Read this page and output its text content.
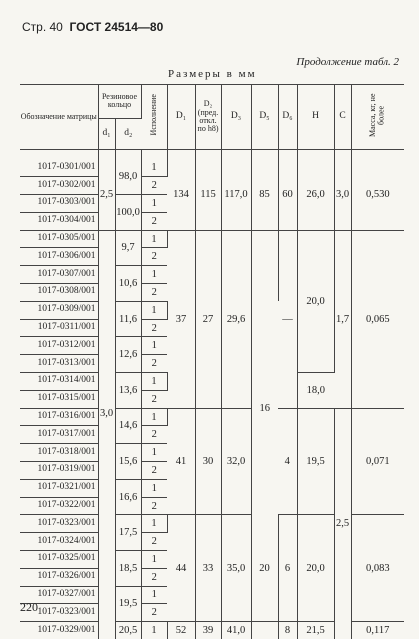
Стр. 40 ГОСТ 24514—80
Продолжение табл. 2
Размеры в мм
Обозначение матрицы	Резиновое кольцо		Исполнение	D₁	D₂ (пред. откл. по h8)	D₃	D₅	D₆	H	C	Масса, кг, не более
	d₁	d₂									

1017-0301/001	2,5	98,0	1	134	115	117,0	85	60	26,0	3,0	0,530
1017-0302/001			2								
1017-0303/001		100,0	1								
1017-0304/001			2								
1017-0305/001		9,7	1	37	27	29,6		—	20,0	1,7	0,065
1017-0306/001			2								
1017-0307/001		10,6	1								
1017-0308/001			2								
1017-0309/001		11,6	1				16				
1017-0311/001			2								
1017-0312/001		12,6	1								
1017-0313/001			2								
1017-0314/001		13,6	1						18,0		
1017-0315/001			2								
1017-0316/001	3,0	14,6	1	41	30	32,0		4	19,5	2,5	0,071
1017-0317/001			2								
1017-0318/001		15,6	1								
1017-0319/001			2								
1017-0321/001		16,6	1								
1017-0322/001			2								
1017-0323/001		17,5	1	44	33	35,0	20	6	20,0		0,083
1017-0324/001			2								
1017-0325/001		18,5	1								
1017-0326/001			2								
1017-0327/001		19,5	1								
1017-0323/001			2								
1017-0329/001		20,5	1	52	39	41,0		8	21,5		0,117
220
